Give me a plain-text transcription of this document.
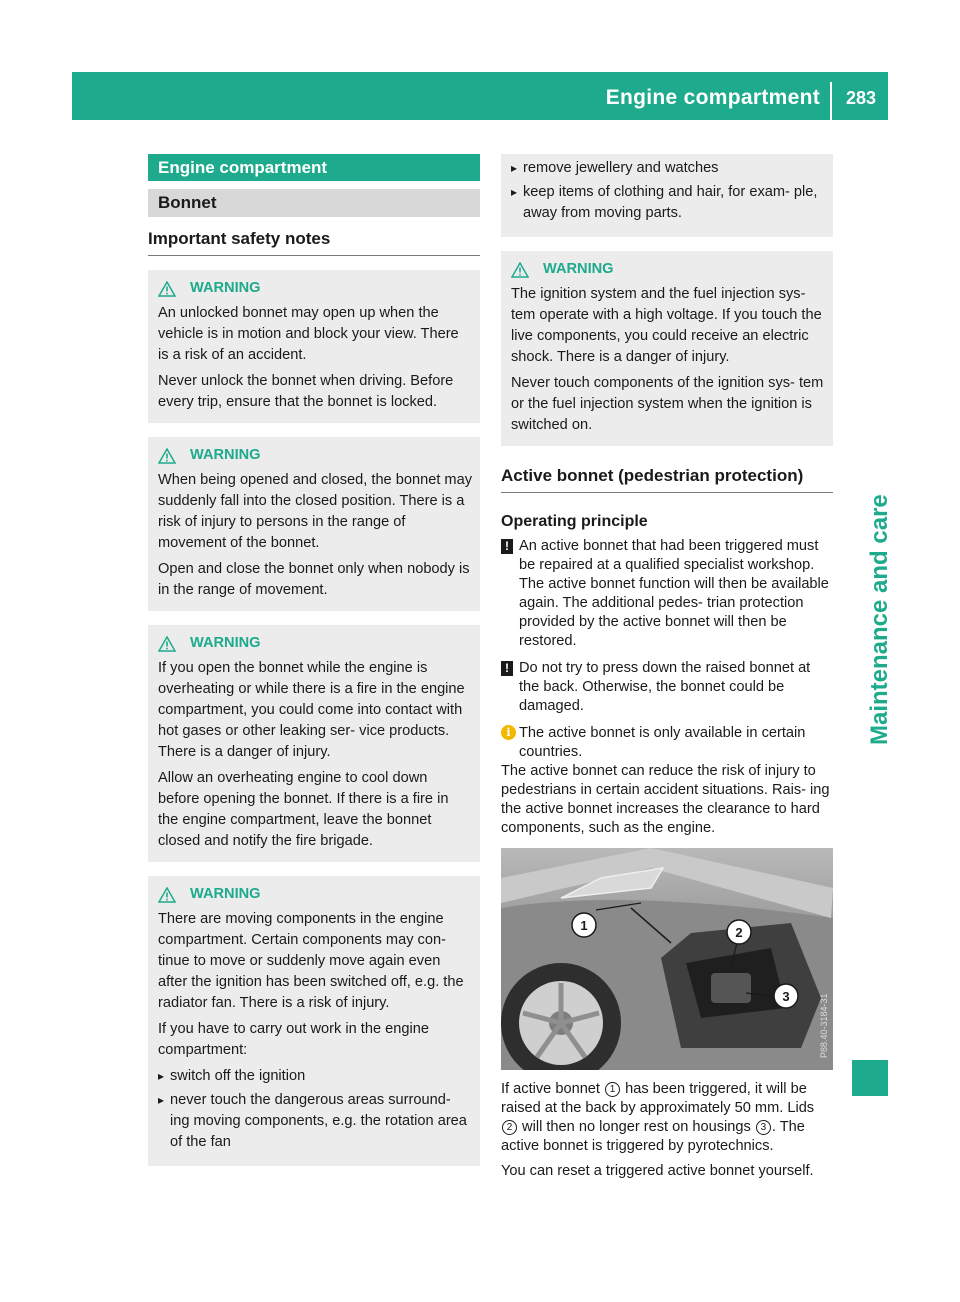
Engine compartment 283
Maintenance and care
Engine compartment
Bonnet
Important safety notes
WARNING

An unlocked bonnet may open up when the vehicle is in motion and block your view. There is a risk of an accident.

Never unlock the bonnet when driving. Before every trip, ensure that the bonnet is locked.

WARNING

When being opened and closed, the bonnet may suddenly fall into the closed position. There is a risk of injury to persons in the range of movement of the bonnet.

Open and close the bonnet only when nobody is in the range of movement.

WARNING

If you open the bonnet while the engine is overheating or while there is a fire in the engine compartment, you could come into contact with hot gases or other leaking ser- vice products. There is a danger of injury.

Allow an overheating engine to cool down before opening the bonnet. If there is a fire in the engine compartment, leave the bonnet closed and notify the fire brigade.

WARNING

There are moving components in the engine compartment. Certain components may con- tinue to move or suddenly move again even after the ignition has been switched off, e.g. the radiator fan. There is a risk of injury.

If you have to carry out work in the engine compartment:

▸ switch off the ignition
▸ never touch the dangerous areas surround- ing moving components, e.g. the rotation area of the fan
▸ remove jewellery and watches
▸ keep items of clothing and hair, for exam- ple, away from moving parts.
WARNING

The ignition system and the fuel injection sys- tem operate with a high voltage. If you touch the live components, you could receive an electric shock. There is a danger of injury.

Never touch components of the ignition sys- tem or the fuel injection system when the ignition is switched on.

Active bonnet (pedestrian protection)
Operating principle
! An active bonnet that had been triggered must be repaired at a qualified specialist workshop. The active bonnet function will then be available again. The additional pedes- trian protection provided by the active bonnet will then be restored.
! Do not try to press down the raised bonnet at the back. Otherwise, the bonnet could be damaged.
i The active bonnet is only available in certain countries.

The active bonnet can reduce the risk of injury to pedestrians in certain accident situations. Rais- ing the active bonnet increases the clearance to hard components, such as the engine.

1	2
3	P88.40-3184-31

If active bonnet 1 has been triggered, it will be raised at the back by approximately 50 mm. Lids 2 will then no longer rest on housings 3 . The active bonnet is triggered by pyrotechnics.

You can reset a triggered active bonnet yourself.
